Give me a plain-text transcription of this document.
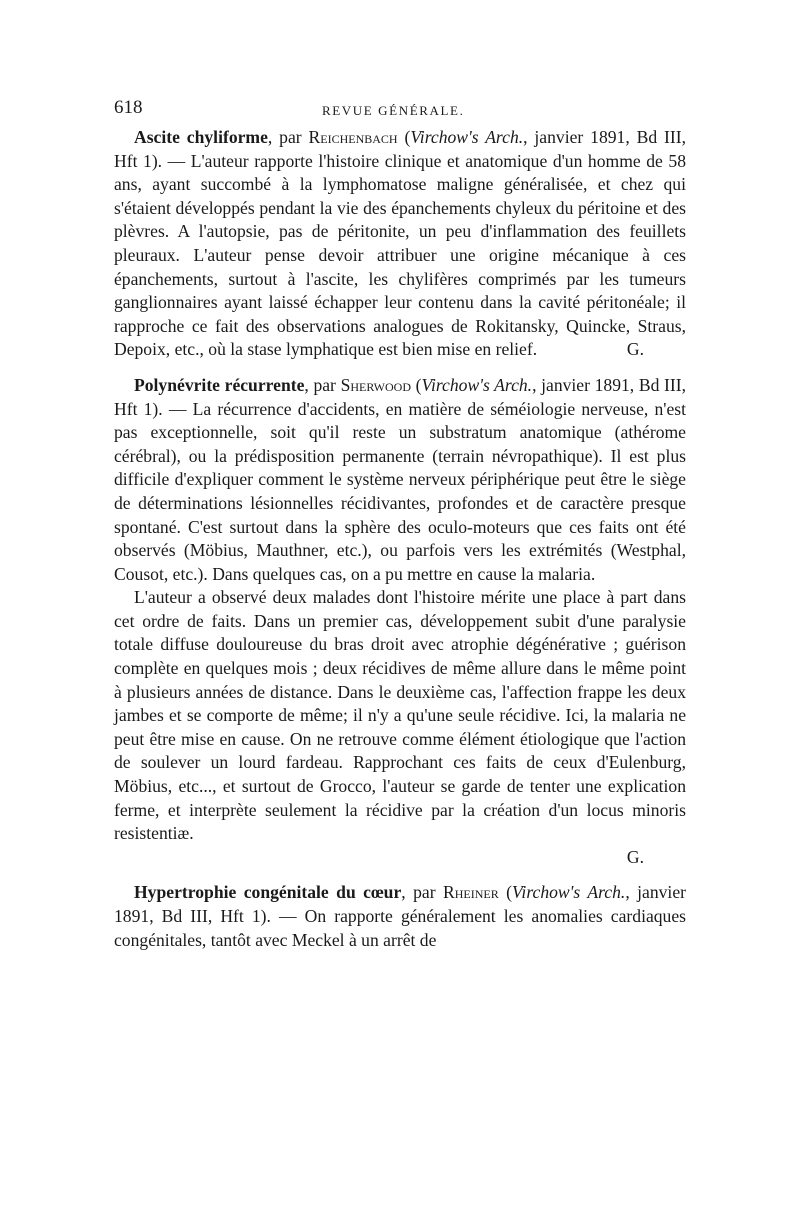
618	REVUE GÉNÉRALE.

Ascite chyliforme, par Reichenbach (Virchow's Arch., janvier 1891, Bd III, Hft 1). — L'auteur rapporte l'histoire clinique et anatomique d'un homme de 58 ans, ayant succombé à la lymphomatose maligne généralisée, et chez qui s'étaient développés pendant la vie des épanchements chyleux du péritoine et des plèvres. A l'autopsie, pas de péritonite, un peu d'inflammation des feuillets pleuraux. L'auteur pense devoir attribuer une origine mécanique à ces épanchements, surtout à l'ascite, les chylifères comprimés par les tumeurs ganglionnaires ayant laissé échapper leur contenu dans la cavité péritonéale; il rapproche ce fait des observations analogues de Rokitansky, Quincke, Straus, Depoix, etc., où la stase lymphatique est bien mise en relief.	G.

Polynévrite récurrente, par Sherwood (Virchow's Arch., janvier 1891, Bd III, Hft 1). — La récurrence d'accidents, en matière de séméiologie nerveuse, n'est pas exceptionnelle, soit qu'il reste un substratum anatomique (athérome cérébral), ou la prédisposition permanente (terrain névropathique). Il est plus difficile d'expliquer comment le système nerveux périphérique peut être le siège de déterminations lésionnelles récidivantes, profondes et de caractère presque spontané. C'est surtout dans la sphère des oculo-moteurs que ces faits ont été observés (Möbius, Mauthner, etc.), ou parfois vers les extrémités (Westphal, Cousot, etc.). Dans quelques cas, on a pu mettre en cause la malaria.

L'auteur a observé deux malades dont l'histoire mérite une place à part dans cet ordre de faits. Dans un premier cas, développement subit d'une paralysie totale diffuse douloureuse du bras droit avec atrophie dégénérative ; guérison complète en quelques mois ; deux récidives de même allure dans le même point à plusieurs années de distance. Dans le deuxième cas, l'affection frappe les deux jambes et se comporte de même; il n'y a qu'une seule récidive. Ici, la malaria ne peut être mise en cause. On ne retrouve comme élément étiologique que l'action de soulever un lourd fardeau. Rapprochant ces faits de ceux d'Eulenburg, Möbius, etc..., et surtout de Grocco, l'auteur se garde de tenter une explication ferme, et interprète seulement la récidive par la création d'un locus minoris resistentiæ.

G.

Hypertrophie congénitale du cœur, par Rheiner (Virchow's Arch., janvier 1891, Bd III, Hft 1). — On rapporte généralement les anomalies cardiaques congénitales, tantôt avec Meckel à un arrêt de
